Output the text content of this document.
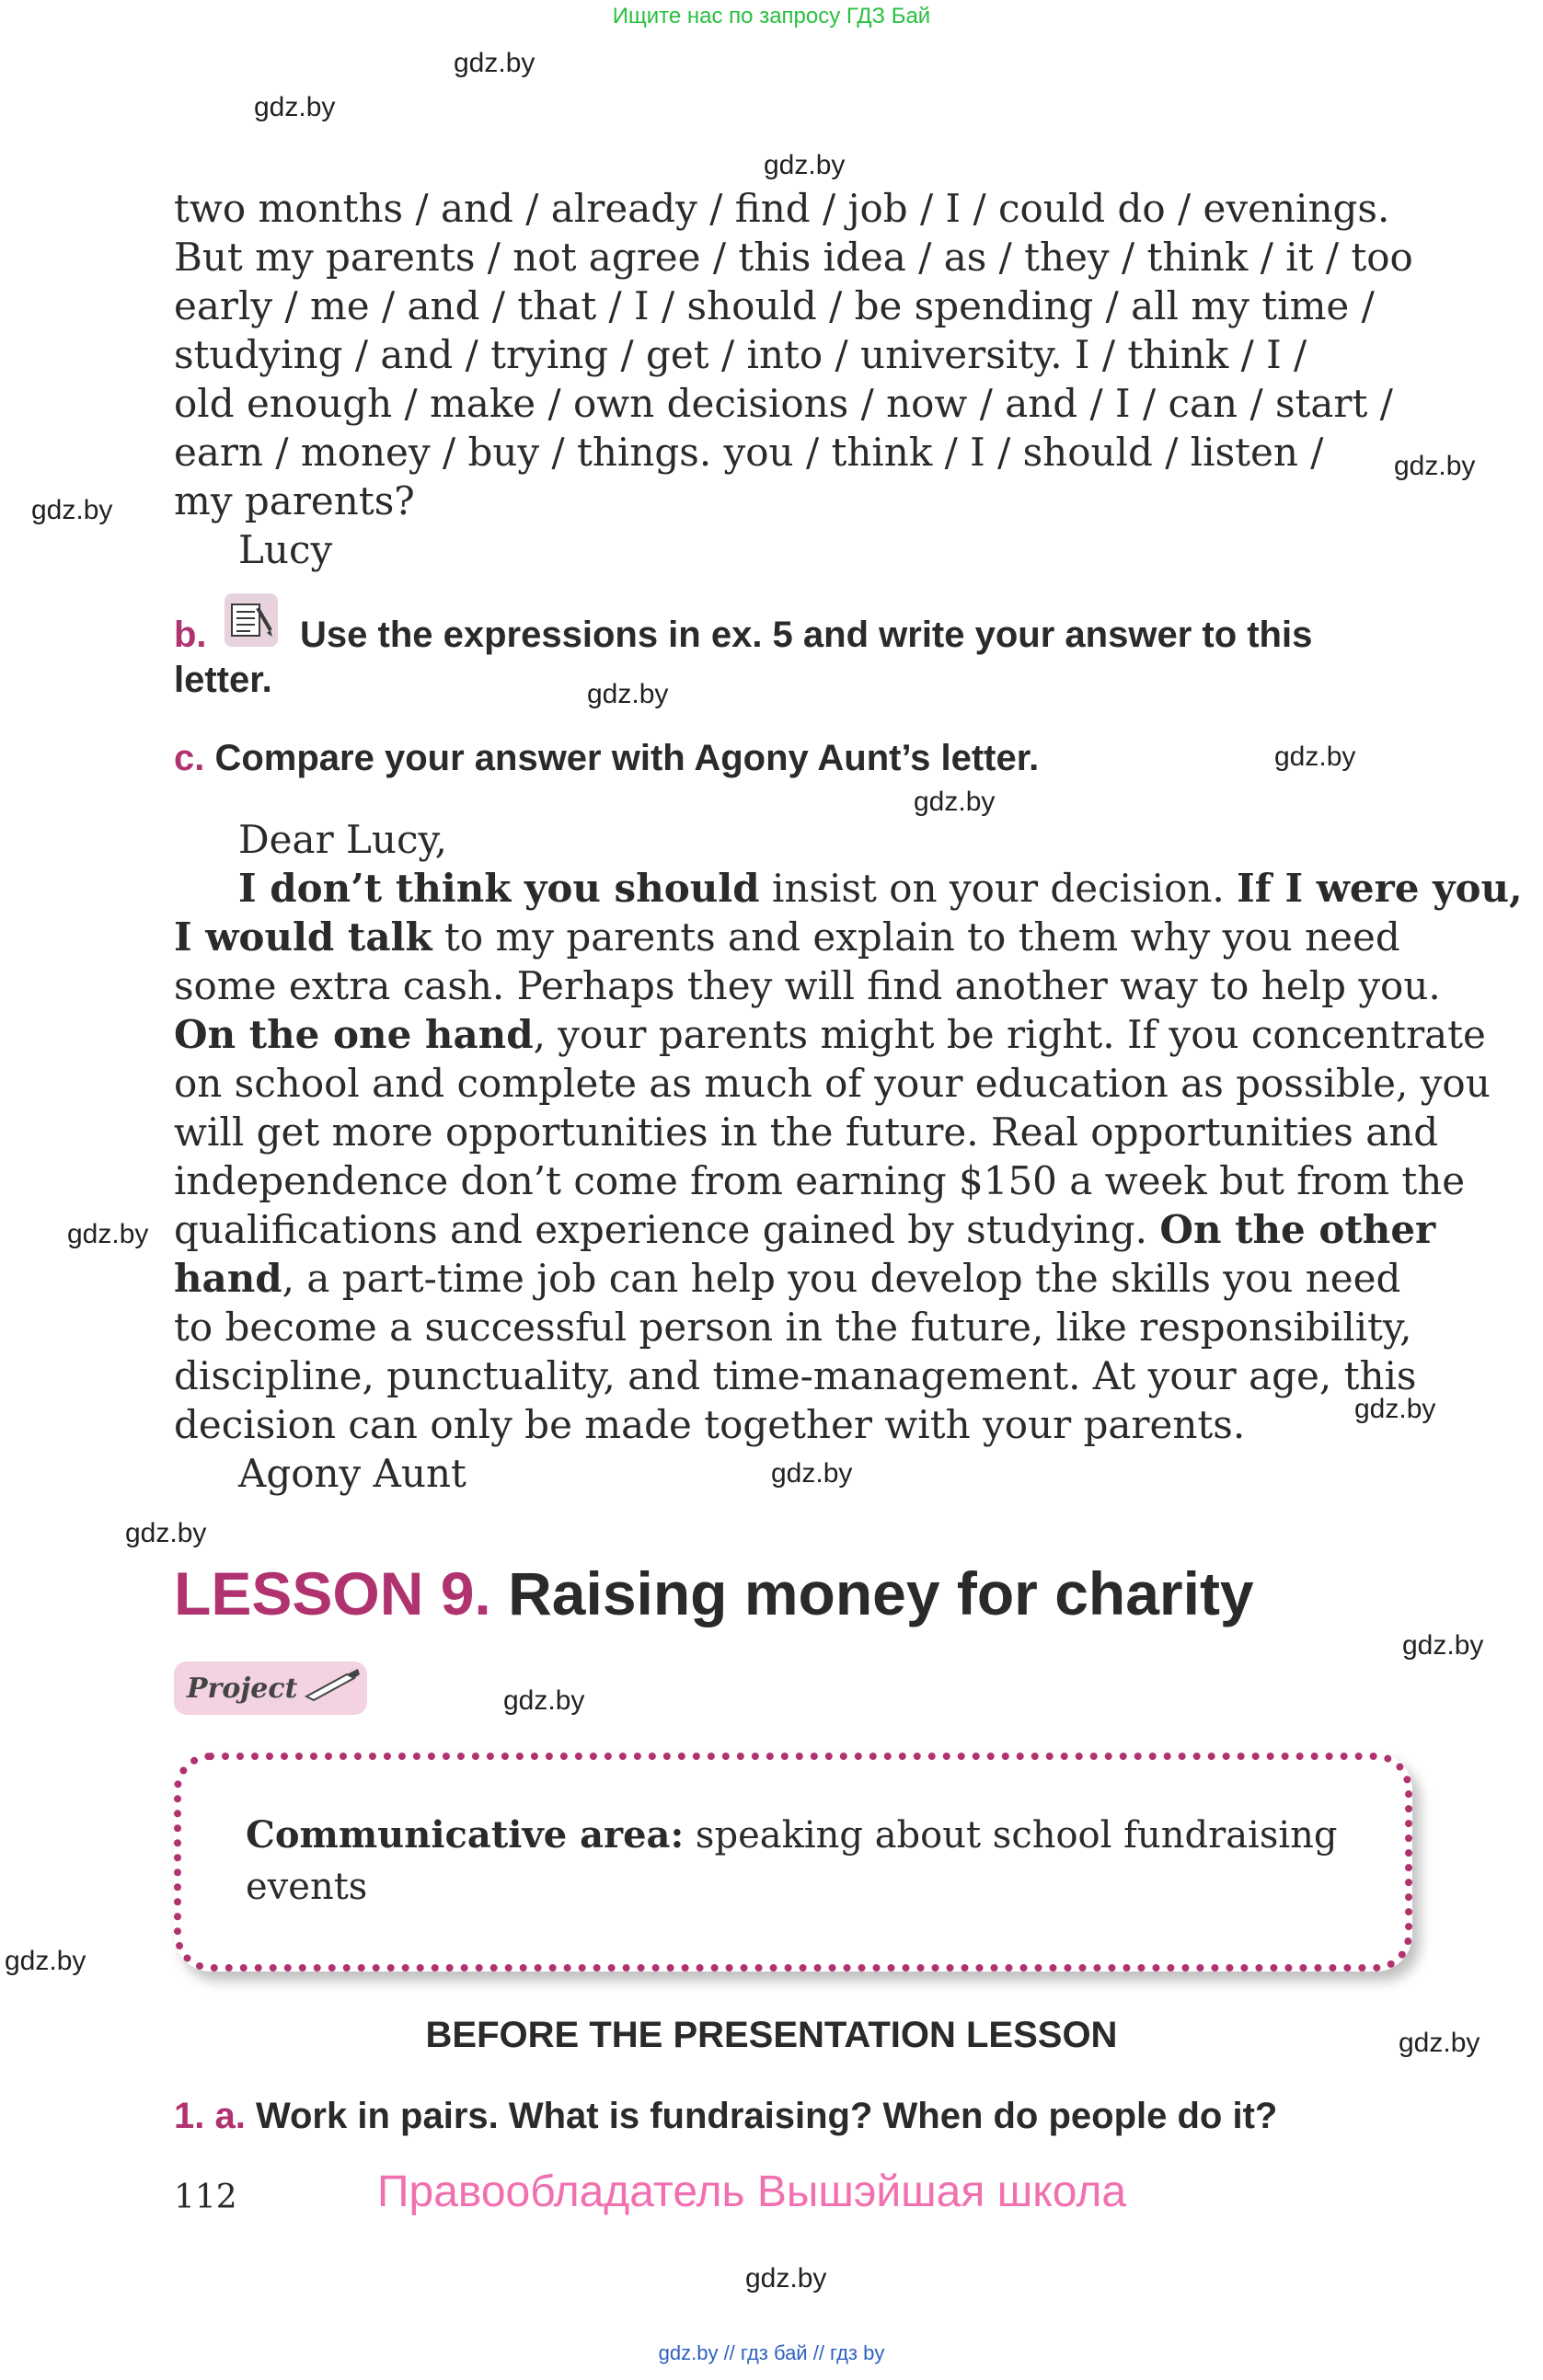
Ищите нас по запросу ГДЗ Бай
gdz.by
gdz.by
gdz.by
gdz.by
gdz.by
gdz.by
gdz.by
gdz.by
gdz.by
gdz.by
gdz.by
gdz.by
gdz.by
gdz.by
gdz.by
gdz.by
gdz.by
two months / and / already / find / job / I / could do / evenings.
But my parents / not agree / this idea / as / they / think / it / too
early / me / and / that / I / should / be spending / all my time /
studying / and / trying / get / into / university. I / think / I /
old enough / make / own decisions / now / and / I / can / start /
earn / money / buy / things. you / think / I / should / listen /
my parents?
Lucy
b.	Use the expressions in ex. 5 and write your answer to this
letter.
c. Compare your answer with Agony Aunt’s letter.
Dear Lucy,
I don’t think you should insist on your decision. If I were you,
I would talk to my parents and explain to them why you need
some extra cash. Perhaps they will find another way to help you.
On the one hand, your parents might be right. If you concentrate
on school and complete as much of your education as possible, you
will get more opportunities in the future. Real opportunities and
independence don’t come from earning $150 a week but from the
qualifications and experience gained by studying. On the other
hand, a part-time job can help you develop the skills you need
to become a successful person in the future, like responsibility,
discipline, punctuality, and time-management. At your age, this
decision can only be made together with your parents.
Agony Aunt
LESSON 9. Raising money for charity
Project
Communicative area: speaking about school fundraising
events
BEFORE THE PRESENTATION LESSON
1. a. Work in pairs. What is fundraising? When do people do it?
112	Правообладатель Вышэйшая школа
gdz.by // гдз бай // гдз by
